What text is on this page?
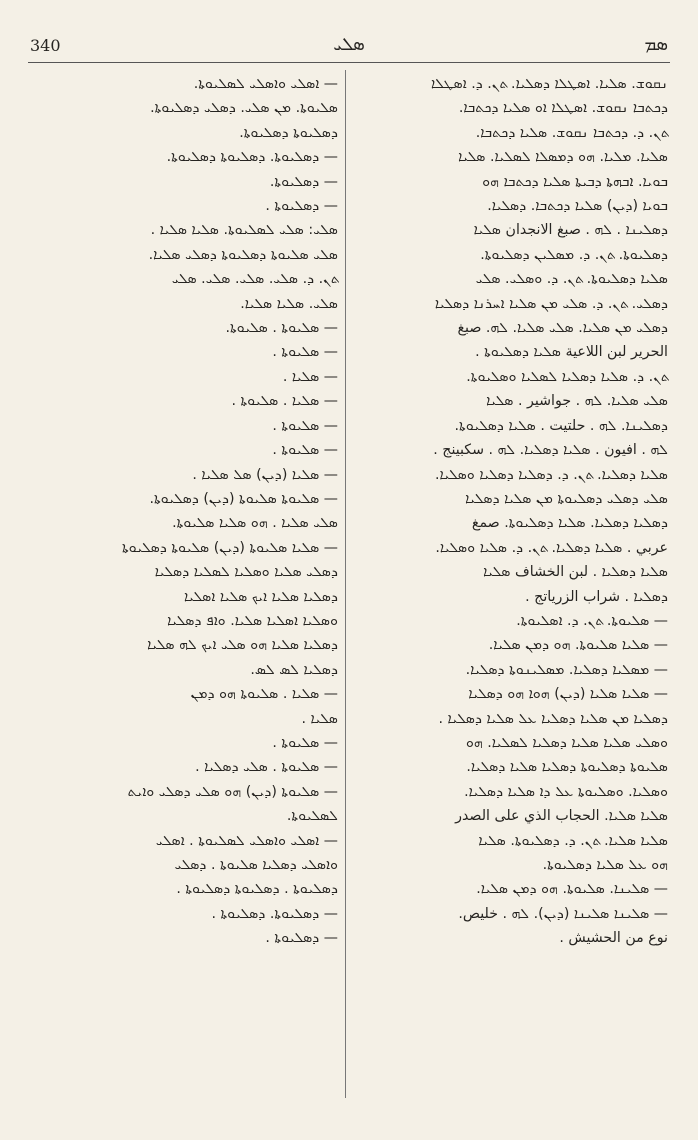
340	ܣܠܝ	ܣܡ

ܢܩܘܫ. ܣܠܝܐ. ܐܣܛܠܐ ܕܣܠܝܐ. ܬܢ. ܕ. ܐܣܛܠܐ

ܕܟܬܒܐ ܢܩܘܫ. ܐܣܛܠܐ ܐܘ ܣܠܝܐ ܕܟܬܒܐ.

ܬܢ. ܕ. ܕܟܬܒܐ ܢܩܘܫ. ܣܠܝܐ ܕܟܬܒܐ.

ܣܠܝܐ. ܡܠܝܐ. ܗܘ ܕܡܣܠܐ ܠܣܠܝܐ. ܣܠܝܐ

ܒܘܝܐ. ܐܒܗܬܐ ܕܒܝܬܐ ܣܠܝܐ ܕܟܬܒܐ ܗܘ

ܒܘܝܐ (ܕܝܢ) ܣܠܝܐ ܕܟܬܒܐ. ܕܣܠܝܐ.

ܕܣܠܝܢܐ . ܠܗ . صبغ الانجدان ܣܠܝܐ

ܕܣܠܝܘܬܐ. ܬܢ. ܕ. ܡܣܠܝܢ ܕܣܠܝܘܬܐ.

ܣܠܝܐ ܕܣܠܝܘܬܐ. ܬܢ. ܕ. ܘܣܠܝ. ܣܠܝ

ܕܣܠܝ. ܬܢ. ܕ. ܣܠܝ ܡܢ ܣܠܝܐ ܐܚܪܢܐ ܕܣܠܝܐ

ܕܣܠܝ ܡܢ ܣܠܝܐ. ܣܠܝ ܣܠܝܐ. ܠܗ. صبغ

الحرير لبن اللاعية ܣܠܝܐ ܕܣܠܝܘܬܐ .

ܬܢ. ܕ. ܣܠܝܐ ܕܣܠܝܐ ܠܣܠܝܐ ܘܣܠܝܘܬܐ.

ܣܠܝ ܣܠܝܐ. ܠܗ . جواشير . ܣܠܝܐ

ܕܣܠܝܢܐ. ܠܗ . حلتيت . ܣܠܝܐ ܕܣܠܝܘܬܐ.

ܠܗ . افيون . ܣܠܝܐ ܕܣܠܝܐ. ܠܗ . سكبينج .

ܣܠܝܐ ܕܣܠܝܐ. ܬܢ. ܕ. ܕܣܠܝܐ ܕܣܠܝܐ ܘܣܠܝܐ.

ܣܠܝ ܕܣܠܝ ܕܣܠܝܘܬܐ ܡܢ ܣܠܝܐ ܕܣܠܝܐ

ܕܣܠܝܐ ܕܣܠܝܐ. ܣܠܝܐ ܕܣܠܝܘܬܐ. صمغ

عربي . ܣܠܝܐ ܕܣܠܝܐ. ܬܢ. ܕ. ܣܠܝܐ ܘܣܠܝܐ.

ܣܠܝܐ ܕܣܠܝܐ . لبن الخشاف ܣܠܝܐ

ܕܣܠܝܐ . شراب الزرياتج .

— ܣܠܝܘܬܐ. ܬܢ. ܕ. ܐܣܠܝܘܬܐ.

— ܣܠܝܐ ܣܠܝܘܬܐ. ܗܘ ܕܡܢ ܣܠܝܐ.

— ܡܣܠܝܐ ܕܣܠܝܐ. ܡܣܠܝܢܘܬܐ ܕܣܠܝܐ.

— ܣܠܝܐ ܣܠܝܐ (ܕܝܢ) ܗܘܐ ܗܘ ܕܣܠܝܐ

ܕܣܠܝܐ ܡܢ ܣܠܝܐ ܕܣܠܝܐ ܥܠ ܣܠܝܐ ܕܣܠܝܐ .

ܘܣܠܝ ܣܠܝܐ ܣܠܝܐ ܕܣܠܝܐ ܠܣܠܝܐ. ܗܘ

ܣܠܝܘܬܐ ܕܣܠܝܘܬܐ ܕܣܠܝܐ ܣܠܝܐ ܕܣܠܝܐ.

ܘܣܠܝܐ. ܘܣܠܝܘܬܐ ܥܠ ܕܐ ܣܠܝܐ ܕܣܠܝܐ.

ܣܠܝܐ ܣܠܝܐ. الحجاب الذي على الصدر

ܣܠܝܐ ܣܠܝܐ. ܬܢ. ܕ. ܕܣܠܝܘܬܐ. ܣܠܝܐ

ܗܘ ܥܠ ܣܠܝܐ ܕܣܠܝܘܬܐ.

— ܣܠܝܢܐ. ܣܠܝܘܬܐ. ܗܘ ܕܡܢ ܣܠܝܐ.

— ܣܠܝܢܐ ܣܠܝܢܐ (ܕܝܢ). ܠܗ . خليص.

نوع من الحشيش .

— ܐܣܠܝ ܘܐܣܠܝ ܠܣܠܝܘܬܐ.

ܣܠܝܘܬܐ. ܡܢ ܣܠܝ. ܕܣܠܝ ܕܣܠܝܘܬܐ.

ܕܣܠܝܘܬܐ ܕܣܠܝܘܬܐ.

— ܕܣܠܝܘܬܐ. ܕܣܠܝܘܬܐ ܕܣܠܝܘܬܐ.

— ܕܣܠܝܘܬܐ.

— ܕܣܠܝܘܬܐ .

ܣܠܝ: ܣܠܝ ܠܣܠܝܘܬܐ. ܣܠܝܐ ܣܠܝܐ .

ܣܠܝ ܣܠܝܘܬܐ ܕܣܠܝܘܬܐ ܕܣܠܝ ܣܠܝܐ.

ܬܢ. ܕ. ܣܠܝ. ܣܠܝ. ܣܠܝ. ܣܠܝ

ܣܠܝ. ܣܠܝܐ ܣܠܝܐ.

— ܣܠܝܘܬܐ . ܣܠܝܘܬܐ.

— ܣܠܝܘܬܐ .

— ܣܠܝܐ .

— ܣܠܝܐ . ܣܠܝܘܬܐ .

— ܣܠܝܘܬܐ .

— ܣܠܝܘܬܐ .

— ܣܠܝܐ (ܕܝܢ) ܣܠ ܣܠܝܐ .

— ܣܠܝܘܬܐ ܣܠܝܘܬܐ (ܕܝܢ) ܕܣܠܝܘܬܐ.

ܣܠܝ ܣܠܝܐ . ܗܘ ܣܠܝܐ ܣܠܝܘܬܐ.

— ܣܠܝܐ ܣܠܝܘܬܐ (ܕܝܢ) ܣܠܝܘܬܐ ܕܣܠܝܘܬܐ

ܕܣܠܝ ܣܠܝܐ ܘܣܠܝܐ ܠܣܠܝܐ ܕܣܠܝܐ

ܕܣܠܝܐ ܣܠܝܐ ܐܝܟ ܣܠܝܐ ܐܣܠܝܐ

ܘܣܠܝܐ ܐܣܠܝܐ ܣܠܝܐ. ܘܐܦ ܕܣܠܝܐ

ܕܣܠܝܐ ܣܠܝܐ ܗܘ ܣܠܝ ܐܝܟ ܠܗ ܣܠܝܐ

ܕܣܠܝܐ ܠܣ ܠܣ.

— ܣܠܝܐ . ܣܠܝܘܬܐ ܗܘ ܕܡܢ

ܣܠܝܐ .

— ܣܠܝܘܬܐ .

— ܣܠܝܘܬܐ . ܣܠܝ ܕܣܠܝܐ .

— ܣܠܝܘܬܐ (ܕܝܢ) ܗܘ ܣܠܝ ܕܣܠܝ ܘܐܝܬ

ܠܣܠܝܘܬܐ.

— ܐܣܠܝ ܘܐܣܠܝ ܠܣܠܝܘܬܐ . ܐܣܠܝ

ܘܐܣܠܝ ܕܣܠܝܐ ܣܠܝܘܬܐ . ܕܣܠܝ

ܕܣܠܝܘܬܐ . ܕܣܠܝܘܬܐ ܕܣܠܝܘܬܐ .

— ܕܣܠܝܘܬܐ. ܕܣܠܝܘܬܐ .

— ܕܣܠܝܘܬܐ .
